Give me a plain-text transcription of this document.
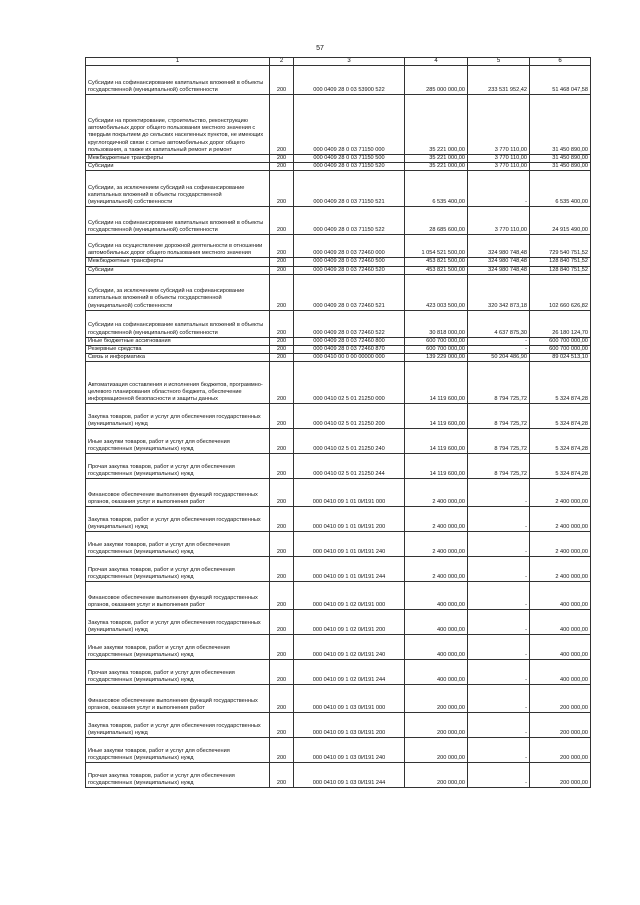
57
1	2	3	4	5	6
Субсидии на софинансирование капитальных вложений в объекты государственной (муниципальной) собственности	200	000 0409 28 0 03 53900 522	285 000 000,00	233 531 952,42	51 468 047,58
Субсидии на проектирование, строительство, реконструкцию автомобильных дорог общего пользования местного значения с твердым покрытием до сельских населенных пунктов, не имеющих круглогодичной связи с сетью автомобильных дорог общего пользования, а также их капитальный ремонт и ремонт	200	000 0409 28 0 03 71150 000	35 221 000,00	3 770 110,00	31 450 890,00
Межбюджетные трансферты	200	000 0409 28 0 03 71150 500	35 221 000,00	3 770 110,00	31 450 890,00
Субсидии	200	000 0409 28 0 03 71150 520	35 221 000,00	3 770 110,00	31 450 890,00
Субсидии, за исключением субсидий на софинансирование капитальных вложений в объекты государственной (муниципальной) собственности	200	000 0409 28 0 03 71150 521	6 535 400,00	-	6 535 400,00
Субсидии на софинансирование капитальных вложений в объекты государственной (муниципальной) собственности	200	000 0409 28 0 03 71150 522	28 685 600,00	3 770 110,00	24 915 490,00
Субсидии на осуществление дорожной деятельности в отношении автомобильных дорог общего пользования местного значения	200	000 0409 28 0 03 72460 000	1 054 521 500,00	324 980 748,48	729 540 751,52
Межбюджетные трансферты	200	000 0409 28 0 03 72460 500	453 821 500,00	324 980 748,48	128 840 751,52
Субсидии	200	000 0409 28 0 03 72460 520	453 821 500,00	324 980 748,48	128 840 751,52
Субсидии, за исключением субсидий на софинансирование капитальных вложений в объекты государственной (муниципальной) собственности	200	000 0409 28 0 03 72460 521	423 003 500,00	320 342 873,18	102 660 626,82
Субсидии на софинансирование капитальных вложений в объекты государственной (муниципальной) собственности	200	000 0409 28 0 03 72460 522	30 818 000,00	4 637 875,30	26 180 124,70
Иные бюджетные ассигнования	200	000 0409 28 0 03 72460 800	600 700 000,00	-	600 700 000,00
Резервные средства	200	000 0409 28 0 03 72460 870	600 700 000,00	-	600 700 000,00
Связь и информатика	200	000 0410 00 0 00 00000 000	139 229 000,00	50 204 486,90	89 024 513,10
Автоматизация составления и исполнения бюджетов, программно-целевого планирования областного бюджета, обеспечение информационной безопасности и защиты данных	200	000 0410 02 5 01 21250 000	14 119 600,00	8 794 725,72	5 324 874,28
Закупка товаров, работ и услуг для обеспечения государственных (муниципальных) нужд	200	000 0410 02 5 01 21250 200	14 119 600,00	8 794 725,72	5 324 874,28
Иные закупки товаров, работ и услуг для обеспечения государственных (муниципальных) нужд	200	000 0410 02 5 01 21250 240	14 119 600,00	8 794 725,72	5 324 874,28
Прочая закупка товаров, работ и услуг для обеспечения государственных (муниципальных) нужд	200	000 0410 02 5 01 21250 244	14 119 600,00	8 794 725,72	5 324 874,28
Финансовое обеспечение выполнения функций государственных органов, оказания услуг и выполнения работ	200	000 0410 09 1 01 0И191 000	2 400 000,00	-	2 400 000,00
Закупка товаров, работ и услуг для обеспечения государственных (муниципальных) нужд	200	000 0410 09 1 01 0И191 200	2 400 000,00	-	2 400 000,00
Иные закупки товаров, работ и услуг для обеспечения государственных (муниципальных) нужд	200	000 0410 09 1 01 0И191 240	2 400 000,00	-	2 400 000,00
Прочая закупка товаров, работ и услуг для обеспечения государственных (муниципальных) нужд	200	000 0410 09 1 01 0И191 244	2 400 000,00	-	2 400 000,00
Финансовое обеспечение выполнения функций государственных органов, оказания услуг и выполнения работ	200	000 0410 09 1 02 0И191 000	400 000,00	-	400 000,00
Закупка товаров, работ и услуг для обеспечения государственных (муниципальных) нужд	200	000 0410 09 1 02 0И191 200	400 000,00	-	400 000,00
Иные закупки товаров, работ и услуг для обеспечения государственных (муниципальных) нужд	200	000 0410 09 1 02 0И191 240	400 000,00	-	400 000,00
Прочая закупка товаров, работ и услуг для обеспечения государственных (муниципальных) нужд	200	000 0410 09 1 02 0И191 244	400 000,00	-	400 000,00
Финансовое обеспечение выполнения функций государственных органов, оказания услуг и выполнения работ	200	000 0410 09 1 03 0И191 000	200 000,00	-	200 000,00
Закупка товаров, работ и услуг для обеспечения государственных (муниципальных) нужд	200	000 0410 09 1 03 0И191 200	200 000,00	-	200 000,00
Иные закупки товаров, работ и услуг для обеспечения государственных (муниципальных) нужд	200	000 0410 09 1 03 0И191 240	200 000,00	-	200 000,00
Прочая закупка товаров, работ и услуг для обеспечения государственных (муниципальных) нужд	200	000 0410 09 1 03 0И191 244	200 000,00	-	200 000,00
